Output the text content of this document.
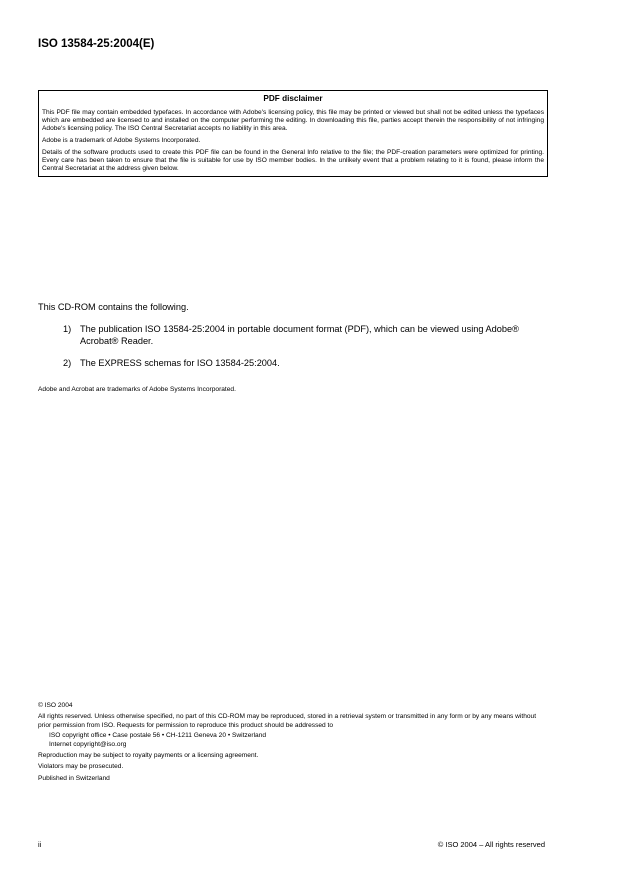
ISO 13584-25:2004(E)
PDF disclaimer

This PDF file may contain embedded typefaces. In accordance with Adobe's licensing policy, this file may be printed or viewed but shall not be edited unless the typefaces which are embedded are licensed to and installed on the computer performing the editing. In downloading this file, parties accept therein the responsibility of not infringing Adobe's licensing policy. The ISO Central Secretariat accepts no liability in this area.

Adobe is a trademark of Adobe Systems Incorporated.

Details of the software products used to create this PDF file can be found in the General Info relative to the file; the PDF-creation parameters were optimized for printing. Every care has been taken to ensure that the file is suitable for use by ISO member bodies. In the unlikely event that a problem relating to it is found, please inform the Central Secretariat at the address given below.

This CD-ROM contains the following.
1) The publication ISO 13584-25:2004 in portable document format (PDF), which can be viewed using Adobe® Acrobat® Reader.
2) The EXPRESS schemas for ISO 13584-25:2004.
Adobe and Acrobat are trademarks of Adobe Systems Incorporated.

© ISO 2004

All rights reserved. Unless otherwise specified, no part of this CD-ROM may be reproduced, stored in a retrieval system or transmitted in any form or by any means without prior permission from ISO. Requests for permission to reproduce this product should be addressed to

ISO copyright office • Case postale 56 • CH-1211 Geneva 20 • Switzerland

Internet copyright@iso.org

Reproduction may be subject to royalty payments or a licensing agreement.

Violators may be prosecuted.

Published in Switzerland

ii	© ISO 2004 – All rights reserved
